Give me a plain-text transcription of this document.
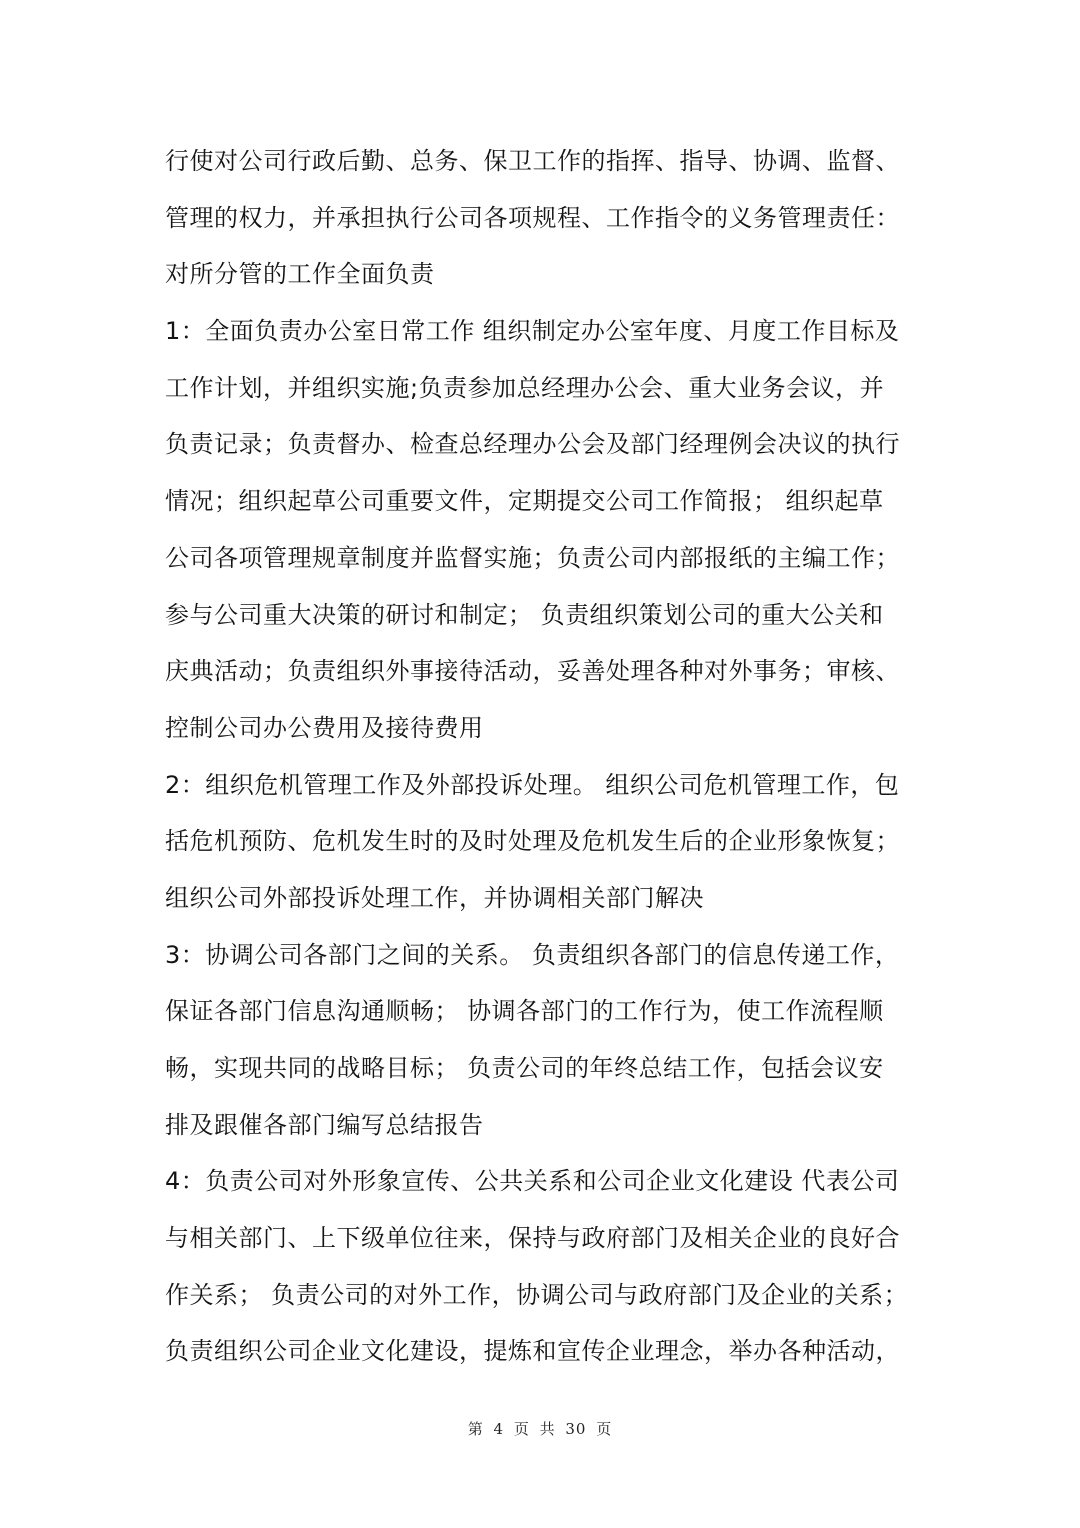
行使对公司行政后勤、总务、保卫工作的指挥、指导、协调、监督、
管理的权力，并承担执行公司各项规程、工作指令的义务管理责任：
对所分管的工作全面负责
1：全面负责办公室日常工作 组织制定办公室年度、月度工作目标及
工作计划，并组织实施;负责参加总经理办公会、重大业务会议，并
负责记录；负责督办、检查总经理办公会及部门经理例会决议的执行
情况；组织起草公司重要文件，定期提交公司工作简报； 组织起草
公司各项管理规章制度并监督实施；负责公司内部报纸的主编工作；
参与公司重大决策的研讨和制定； 负责组织策划公司的重大公关和
庆典活动；负责组织外事接待活动，妥善处理各种对外事务；审核、
控制公司办公费用及接待费用
2：组织危机管理工作及外部投诉处理。 组织公司危机管理工作，包
括危机预防、危机发生时的及时处理及危机发生后的企业形象恢复；
组织公司外部投诉处理工作，并协调相关部门解决
3：协调公司各部门之间的关系。 负责组织各部门的信息传递工作，
保证各部门信息沟通顺畅； 协调各部门的工作行为，使工作流程顺
畅，实现共同的战略目标； 负责公司的年终总结工作，包括会议安
排及跟催各部门编写总结报告
4：负责公司对外形象宣传、公共关系和公司企业文化建设 代表公司
与相关部门、上下级单位往来，保持与政府部门及相关企业的良好合
作关系； 负责公司的对外工作，协调公司与政府部门及企业的关系；
负责组织公司企业文化建设，提炼和宣传企业理念，举办各种活动，
第 4 页 共 30 页
